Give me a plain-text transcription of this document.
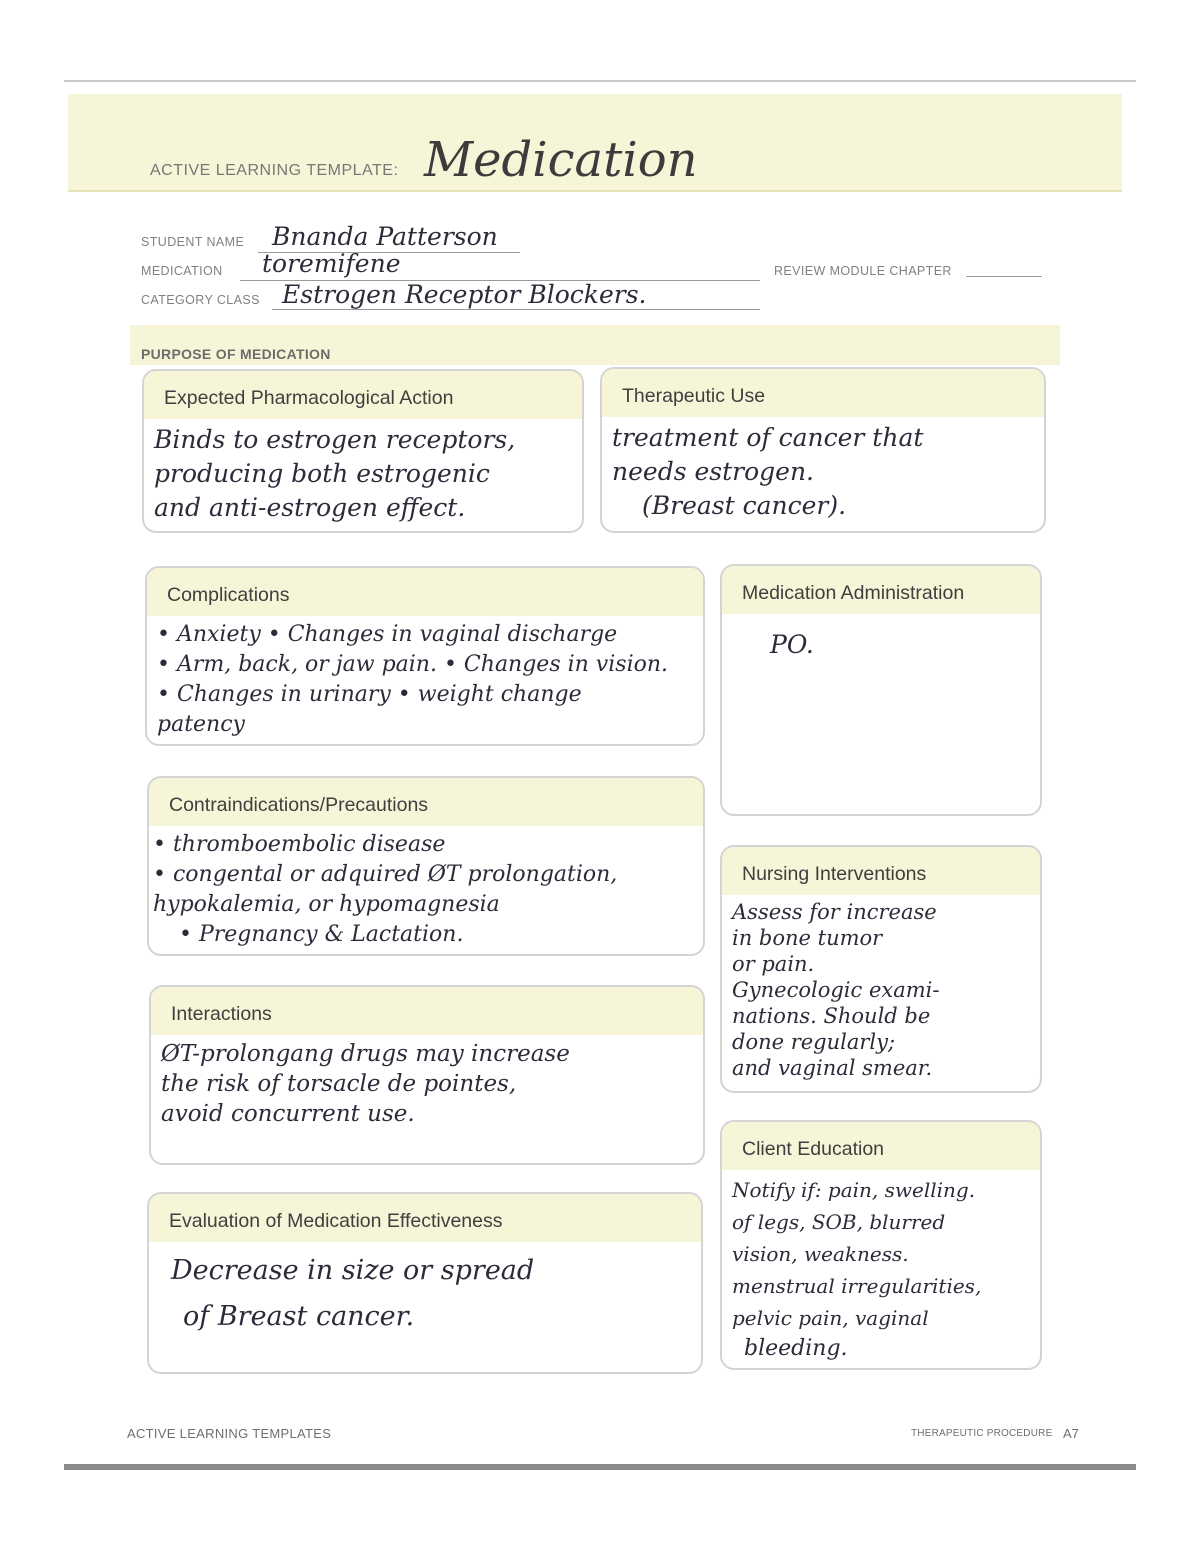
ACTIVE LEARNING TEMPLATE: Medication
STUDENT NAME Bnanda Patterson
MEDICATION toremifene	REVIEW MODULE CHAPTER
CATEGORY CLASS Estrogen Receptor Blockers.
PURPOSE OF MEDICATION
Expected Pharmacological Action
Binds to estrogen receptors,
producing both estrogenic
and anti-estrogen effect.
Therapeutic Use
treatment of cancer that
needs estrogen.
(Breast cancer).
Complications
• Anxiety • Changes in vaginal discharge
• Arm, back, or jaw pain. • Changes in vision.
• Changes in urinary • weight change
patency
Medication Administration
PO.
Contraindications/Precautions
• thromboembolic disease
• congental or adquired ØT prolongation,
hypokalemia, or hypomagnesia
• Pregnancy & Lactation.
Nursing Interventions
Assess for increase
in bone tumor
or pain.
Gynecologic exami-
nations. Should be
done regularly;
and vaginal smear.
Interactions
ØT-prolongang drugs may increase
the risk of torsacle de pointes,
avoid concurrent use.
Client Education
Notify if: pain, swelling.
of legs, SOB, blurred
vision, weakness.
menstrual irregularities,
pelvic pain, vaginal
bleeding.
Evaluation of Medication Effectiveness
Decrease in size or spread
of Breast cancer.
ACTIVE LEARNING TEMPLATES	THERAPEUTIC PROCEDURE A7
